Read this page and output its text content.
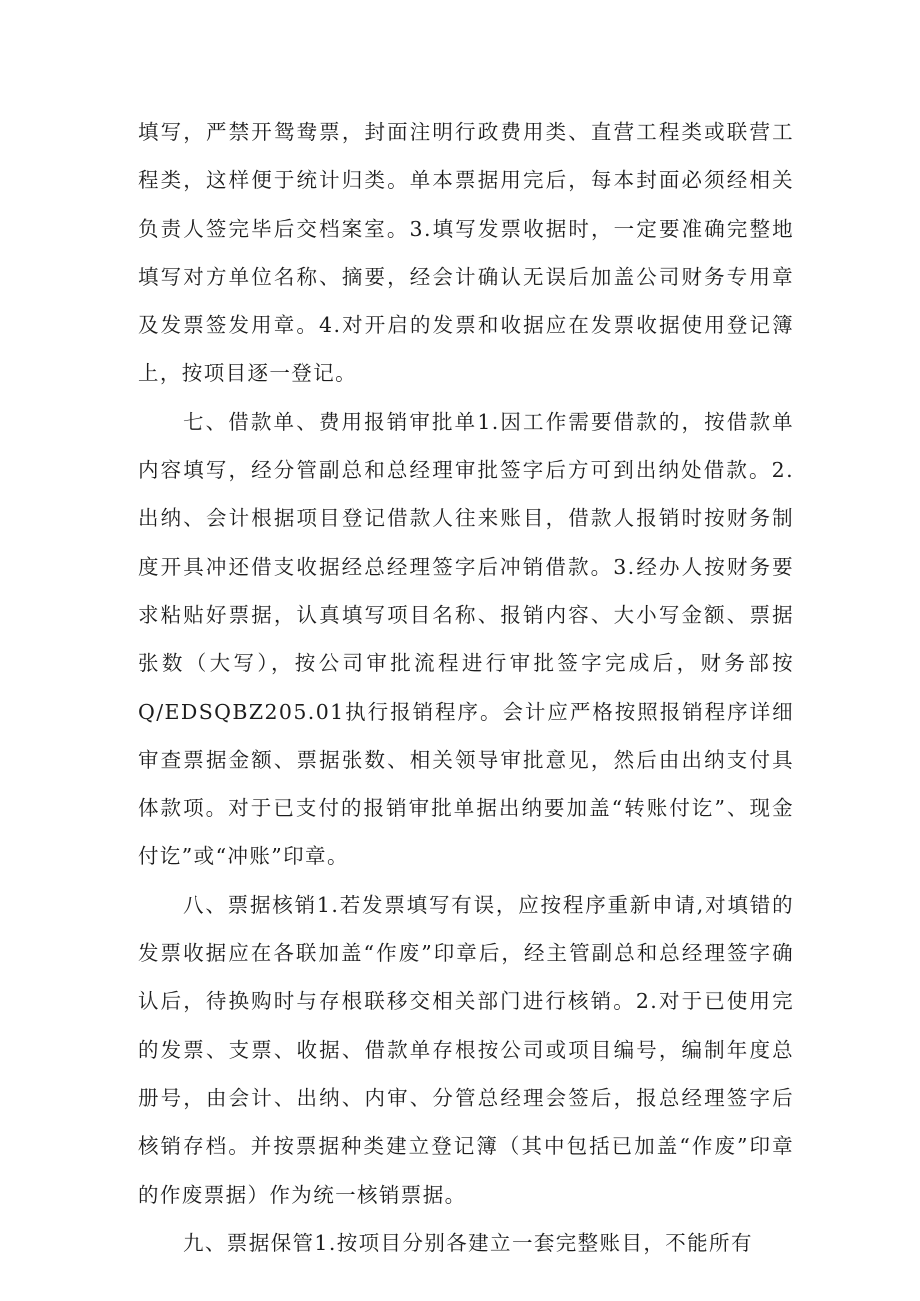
填写，严禁开鸳鸯票，封面注明行政费用类、直营工程类或联营工程类，这样便于统计归类。单本票据用完后，每本封面必须经相关负责人签完毕后交档案室。3.填写发票收据时，一定要准确完整地填写对方单位名称、摘要，经会计确认无误后加盖公司财务专用章及发票签发用章。4.对开启的发票和收据应在发票收据使用登记簿上，按项目逐一登记。

七、借款单、费用报销审批单1.因工作需要借款的，按借款单内容填写，经分管副总和总经理审批签字后方可到出纳处借款。2.出纳、会计根据项目登记借款人往来账目，借款人报销时按财务制度开具冲还借支收据经总经理签字后冲销借款。3.经办人按财务要求粘贴好票据，认真填写项目名称、报销内容、大小写金额、票据张数（大写），按公司审批流程进行审批签字完成后，财务部按Q/EDSQBZ205.01执行报销程序。会计应严格按照报销程序详细审查票据金额、票据张数、相关领导审批意见，然后由出纳支付具体款项。对于已支付的报销审批单据出纳要加盖“转账付讫”、现金付讫”或“冲账”印章。

八、票据核销1.若发票填写有误，应按程序重新申请,对填错的发票收据应在各联加盖“作废”印章后，经主管副总和总经理签字确认后，待换购时与存根联移交相关部门进行核销。2.对于已使用完的发票、支票、收据、借款单存根按公司或项目编号，编制年度总册号，由会计、出纳、内审、分管总经理会签后，报总经理签字后核销存档。并按票据种类建立登记簿（其中包括已加盖“作废”印章的作废票据）作为统一核销票据。

九、票据保管1.按项目分别各建立一套完整账目，不能所有
